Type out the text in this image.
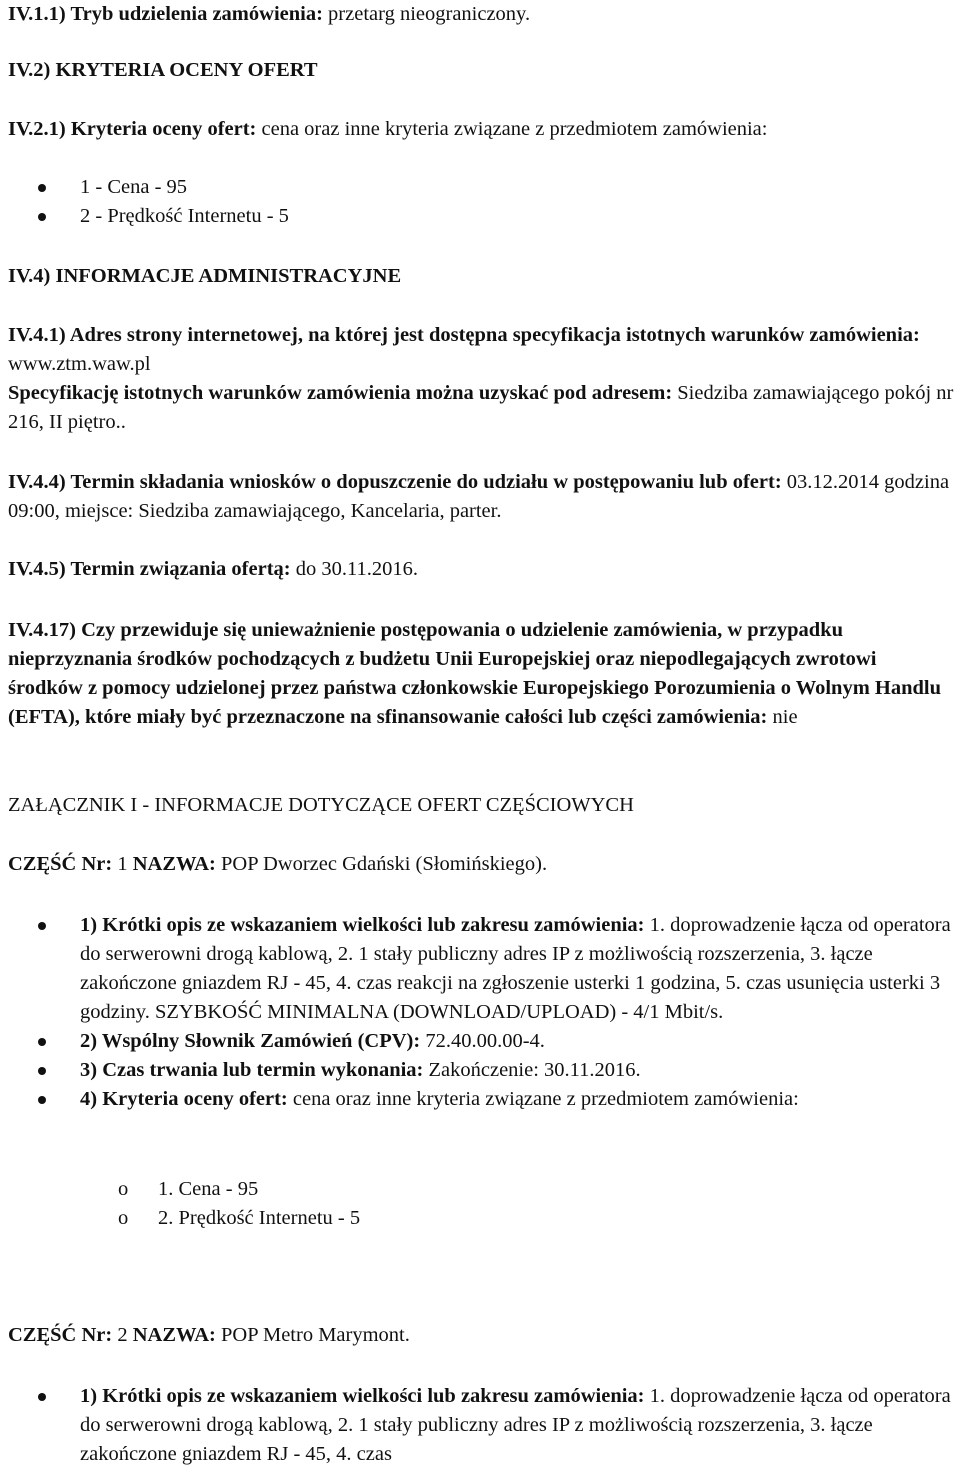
IV.1.1) Tryb udzielenia zamówienia: przetarg nieograniczony.

IV.2) KRYTERIA OCENY OFERT

IV.2.1) Kryteria oceny ofert: cena oraz inne kryteria związane z przedmiotem zamówienia:

1 - Cena - 95
2 - Prędkość Internetu - 5

IV.4) INFORMACJE ADMINISTRACYJNE

IV.4.1) Adres strony internetowej, na której jest dostępna specyfikacja istotnych warunków zamówienia: www.ztm.waw.pl

Specyfikację istotnych warunków zamówienia można uzyskać pod adresem: Siedziba zamawiającego pokój nr 216, II piętro..

IV.4.4) Termin składania wniosków o dopuszczenie do udziału w postępowaniu lub ofert: 03.12.2014 godzina 09:00, miejsce: Siedziba zamawiającego, Kancelaria, parter.

IV.4.5) Termin związania ofertą: do 30.11.2016.

IV.4.17) Czy przewiduje się unieważnienie postępowania o udzielenie zamówienia, w przypadku nieprzyznania środków pochodzących z budżetu Unii Europejskiej oraz niepodlegających zwrotowi środków z pomocy udzielonej przez państwa członkowskie Europejskiego Porozumienia o Wolnym Handlu (EFTA), które miały być przeznaczone na sfinansowanie całości lub części zamówienia: nie

ZAŁĄCZNIK I - INFORMACJE DOTYCZĄCE OFERT CZĘŚCIOWYCH

CZĘŚĆ Nr: 1 NAZWA: POP Dworzec Gdański (Słomińskiego).

1) Krótki opis ze wskazaniem wielkości lub zakresu zamówienia: 1. doprowadzenie łącza od operatora do serwerowni drogą kablową, 2. 1 stały publiczny adres IP z możliwością rozszerzenia, 3. łącze zakończone gniazdem RJ - 45, 4. czas reakcji na zgłoszenie usterki 1 godzina, 5. czas usunięcia usterki 3 godziny. SZYBKOŚĆ MINIMALNA (DOWNLOAD/UPLOAD) - 4/1 Mbit/s.
2) Wspólny Słownik Zamówień (CPV): 72.40.00.00-4.
3) Czas trwania lub termin wykonania: Zakończenie: 30.11.2016.
4) Kryteria oceny ofert: cena oraz inne kryteria związane z przedmiotem zamówienia:
o 1. Cena - 95
o 2. Prędkość Internetu - 5

CZĘŚĆ Nr: 2 NAZWA: POP Metro Marymont.

1) Krótki opis ze wskazaniem wielkości lub zakresu zamówienia: 1. doprowadzenie łącza od operatora do serwerowni drogą kablową, 2. 1 stały publiczny adres IP z możliwością rozszerzenia, 3. łącze zakończone gniazdem RJ - 45, 4. czas
